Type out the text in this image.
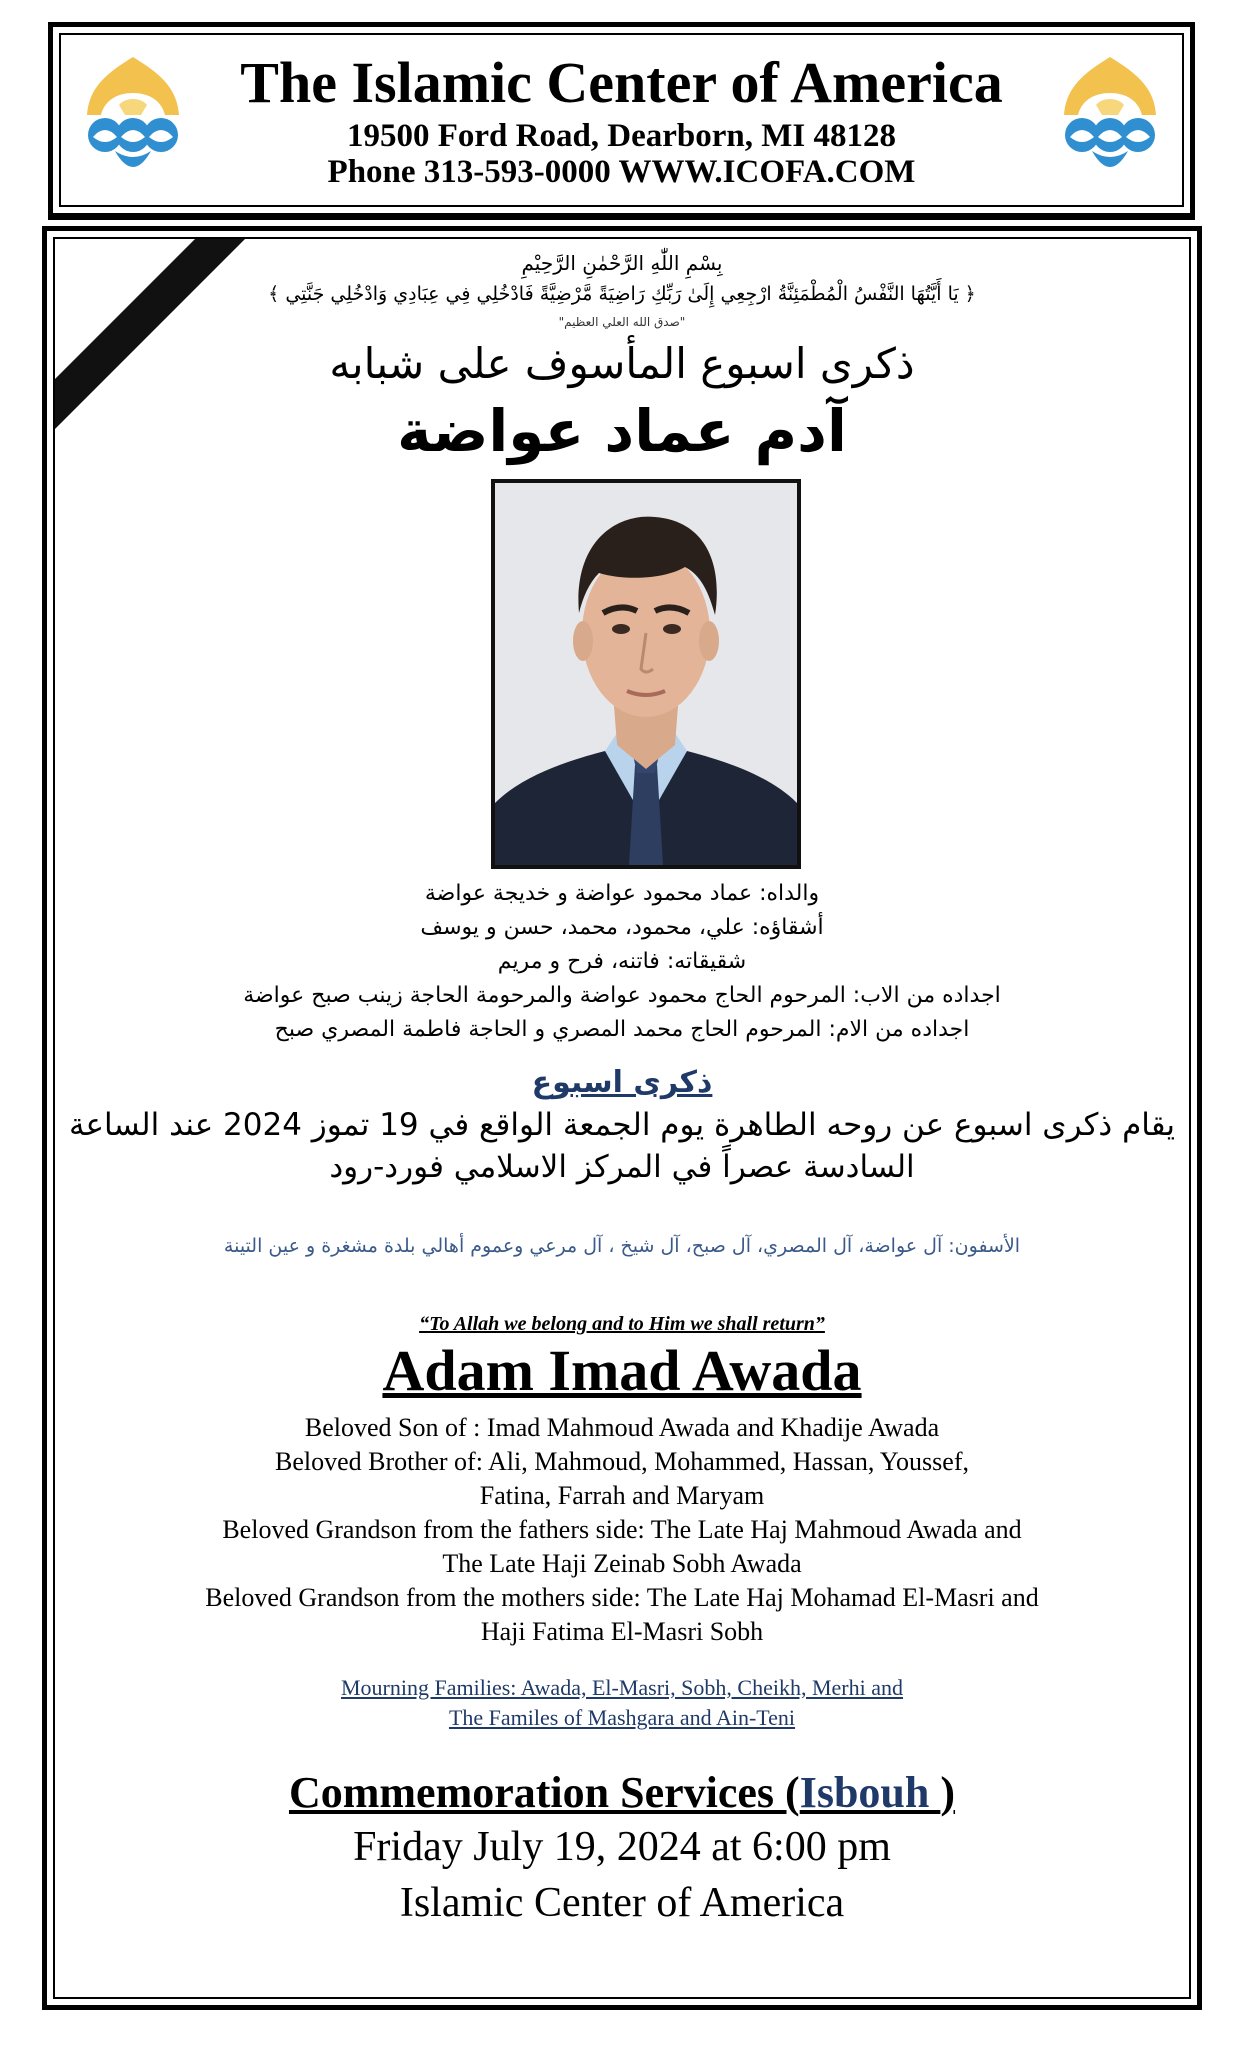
The Islamic Center of America
19500 Ford Road, Dearborn, MI 48128
Phone 313-593-0000 WWW.ICOFA.COM
بِسْمِ اللّٰهِ الرَّحْمٰنِ الرَّحِيْمِ
﴿ يَا أَيَّتُهَا النَّفْسُ الْمُطْمَئِنَّةُ ارْجِعِي إِلَىٰ رَبِّكِ رَاضِيَةً مَّرْضِيَّةً فَادْخُلِي فِي عِبَادِي وَادْخُلِي جَنَّتِي ﴾
"صدق الله العلي العظيم"
ذكرى اسبوع المأسوف على شبابه
آدم عماد عواضة
والداه: عماد محمود عواضة و خديجة عواضة
أشقاؤه: علي، محمود، محمد، حسن و يوسف
شقيقاته: فاتنه، فرح و مريم
اجداده من الاب: المرحوم الحاج محمود عواضة والمرحومة الحاجة زينب صبح عواضة
اجداده من الام: المرحوم الحاج محمد المصري و الحاجة فاطمة المصري صبح
ذكرى اسبوع
يقام ذكرى اسبوع عن روحه الطاهرة يوم الجمعة الواقع في 19 تموز 2024 عند الساعة
السادسة عصراً في المركز الاسلامي فورد-رود
الأسفون: آل عواضة، آل المصري، آل صبح، آل شيخ ، آل مرعي وعموم أهالي بلدة مشغرة و عين التينة
“To Allah we belong and to Him we shall return”
Adam Imad Awada
Beloved Son of : Imad Mahmoud Awada and Khadije Awada
Beloved Brother of: Ali, Mahmoud, Mohammed, Hassan, Youssef,
Fatina, Farrah and Maryam
Beloved Grandson from the fathers side: The Late Haj Mahmoud Awada and
The Late Haji Zeinab Sobh Awada
Beloved Grandson from the mothers side: The Late Haj Mohamad El-Masri and
Haji Fatima El-Masri Sobh
Mourning Families: Awada, El-Masri, Sobh, Cheikh, Merhi and
The Familes of Mashgara and Ain-Teni
Commemoration Services (Isbouh )
Friday July 19, 2024 at 6:00 pm
Islamic Center of America
